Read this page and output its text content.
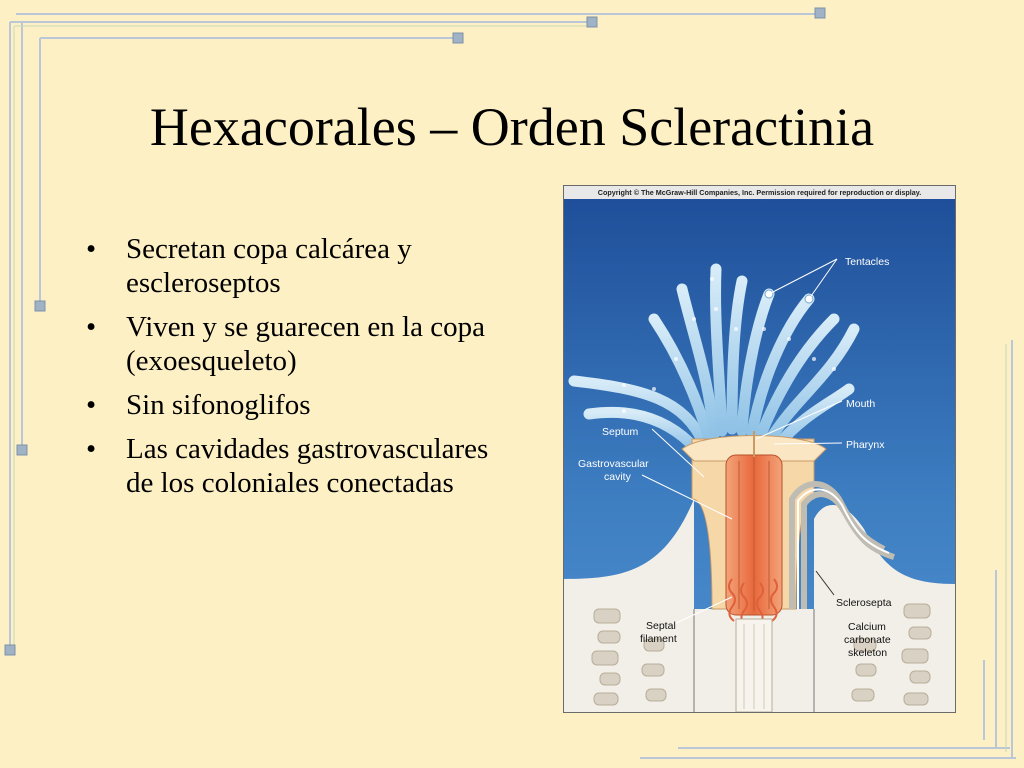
Hexacorales – Orden Scleractinia
• Secretan copa calcárea y escleroseptos
• Viven y se guarecen en la copa (exoesqueleto)
• Sin sifonoglifos
• Las cavidades gastrovasculares de los coloniales conectadas
Copyright © The McGraw-Hill Companies, Inc. Permission required for reproduction or display.
Tentacles
Mouth
Pharynx
Septum
Gastrovascular
cavity
Sclerosepta
Septal
filament
Calcium
carbonate
skeleton
